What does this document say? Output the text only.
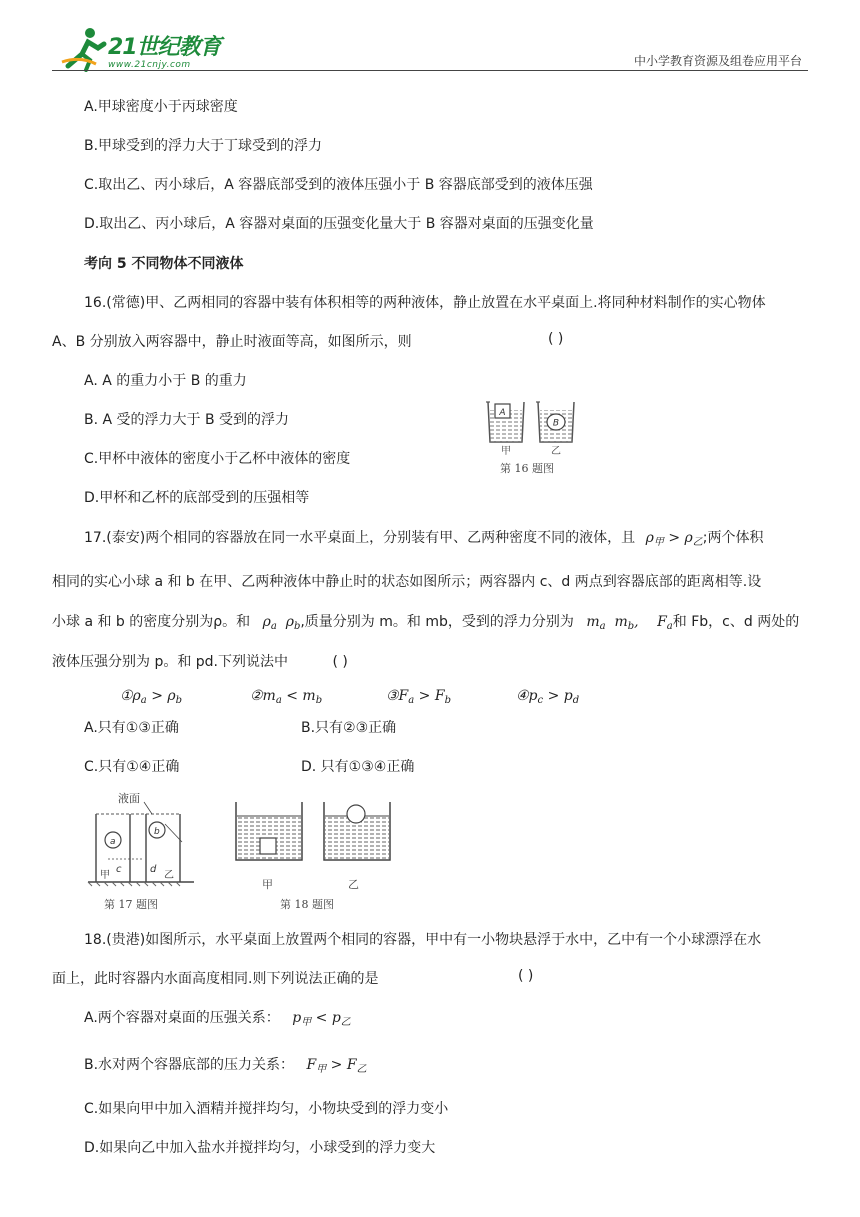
21世纪教育
www.21cnjy.com	中小学教育资源及组卷应用平台
A.甲球密度小于丙球密度
B.甲球受到的浮力大于丁球受到的浮力
C.取出乙、丙小球后，A 容器底部受到的液体压强小于 B 容器底部受到的液体压强
D.取出乙、丙小球后，A 容器对桌面的压强变化量大于 B 容器对桌面的压强变化量
考向 5 不同物体不同液体
16.(常德)甲、乙两相同的容器中装有体积相等的两种液体，静止放置在水平桌面上.将同种材料制作的实心物体
A、B 分别放入两容器中，静止时液面等高，如图所示，则	( )
A. A 的重力小于 B 的重力
B. A 受的浮力大于 B 受到的浮力
C.甲杯中液体的密度小于乙杯中液体的密度
D.甲杯和乙杯的底部受到的压强相等
A
B
甲	乙
第 16 题图
17.(泰安)两个相同的容器放在同一水平桌面上，分别装有甲、乙两种密度不同的液体，且 $\rho_甲 > \rho_乙$;两个体积
相同的实心小球 a 和 b 在甲、乙两种液体中静止时的状态如图所示；两容器内 c、d 两点到容器底部的距离相等.设
小球 a 和 b 的密度分别为ρ。和 $\rho_a$  $\rho_b$,质量分别为 m。和 mb，受到的浮力分别为 $m_a$  $m_b$, $F_a$和 Fb，c、d 两处的
液体压强分别为 p。和 pd.下列说法中	( )
$①\rho_a > \rho_b$	$②m_a < m_b$	$③F_a > F_b$	$④p_c > p_d$
A.只有①③正确	B.只有②③正确
C.只有①④正确	D. 只有①③④正确
液面
a
b
c	d
甲	乙
第 17 题图
甲	乙
第 18 题图
18.(贵港)如图所示，水平桌面上放置两个相同的容器，甲中有一小物块悬浮于水中，乙中有一个小球漂浮在水
面上，此时容器内水面高度相同.则下列说法正确的是	( )
A.两个容器对桌面的压强关系： $p_甲 < p_乙$
B.水对两个容器底部的压力关系： $F_甲 > F_乙$
C.如果向甲中加入酒精并搅拌均匀，小物块受到的浮力变小
D.如果向乙中加入盐水并搅拌均匀，小球受到的浮力变大
